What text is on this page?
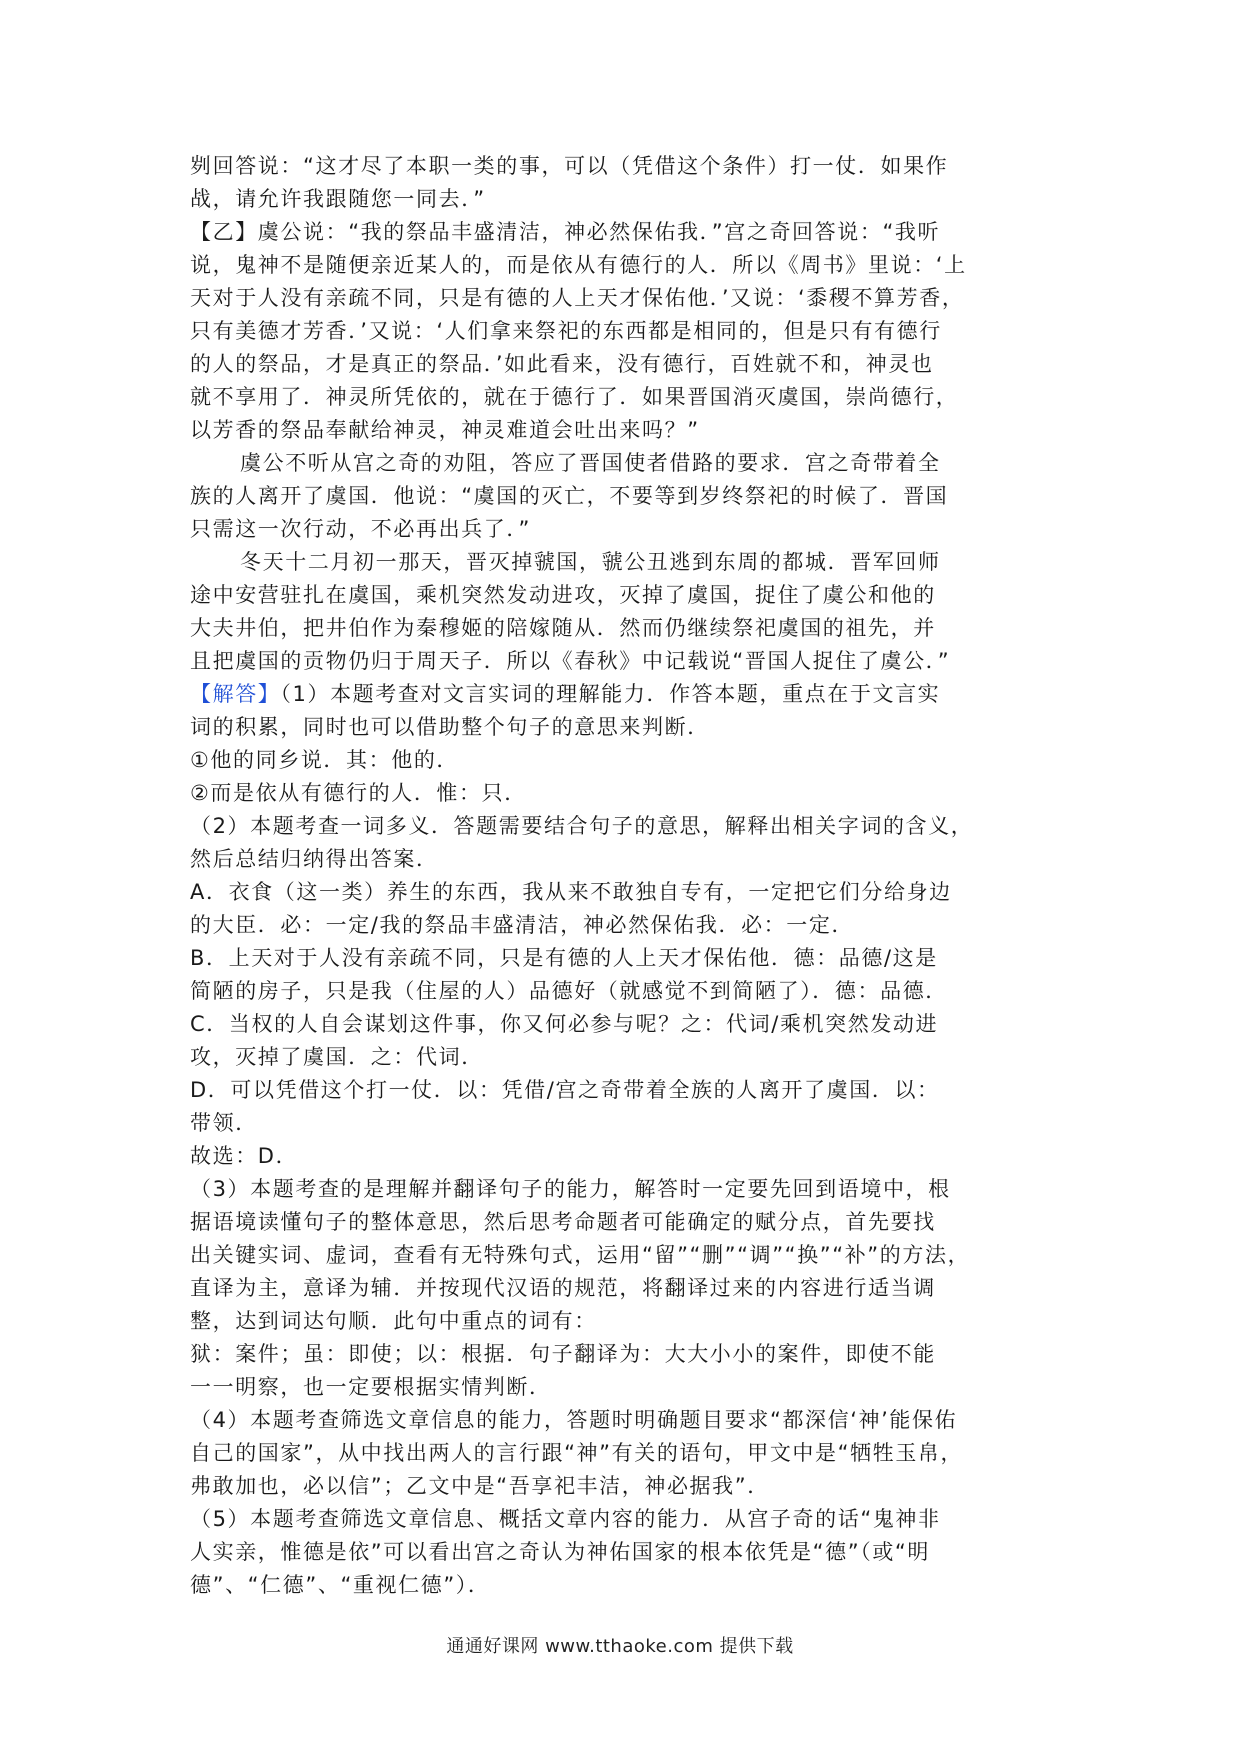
刿回答说：“这才尽了本职一类的事，可以（凭借这个条件）打一仗．如果作
战，请允许我跟随您一同去．”
【乙】虞公说：“我的祭品丰盛清洁，神必然保佑我．”宫之奇回答说：“我听
说，鬼神不是随便亲近某人的，而是依从有德行的人．所以《周书》里说：‘上
天对于人没有亲疏不同，只是有德的人上天才保佑他．’又说：‘黍稷不算芳香，
只有美德才芳香．’又说：‘人们拿来祭祀的东西都是相同的，但是只有有德行
的人的祭品，才是真正的祭品．’如此看来，没有德行，百姓就不和，神灵也
就不享用了．神灵所凭依的，就在于德行了．如果晋国消灭虞国，崇尚德行，
以芳香的祭品奉献给神灵，神灵难道会吐出来吗？”
虞公不听从宫之奇的劝阻，答应了晋国使者借路的要求．宫之奇带着全
族的人离开了虞国．他说：“虞国的灭亡，不要等到岁终祭祀的时候了．晋国
只需这一次行动，不必再出兵了．”
冬天十二月初一那天，晋灭掉虢国，虢公丑逃到东周的都城．晋军回师
途中安营驻扎在虞国，乘机突然发动进攻，灭掉了虞国，捉住了虞公和他的
大夫井伯，把井伯作为秦穆姬的陪嫁随从．然而仍继续祭祀虞国的祖先，并
且把虞国的贡物仍归于周天子．所以《春秋》中记载说“晋国人捉住了虞公．”
【解答】（1）本题考查对文言实词的理解能力．作答本题，重点在于文言实
词的积累，同时也可以借助整个句子的意思来判断．
①他的同乡说．其：他的．
②而是依从有德行的人．惟：只．
（2）本题考查一词多义．答题需要结合句子的意思，解释出相关字词的含义，
然后总结归纳得出答案．
A．衣食（这一类）养生的东西，我从来不敢独自专有，一定把它们分给身边
的大臣．必：一定/我的祭品丰盛清洁，神必然保佑我．必：一定．
B．上天对于人没有亲疏不同，只是有德的人上天才保佑他．德：品德/这是
简陋的房子，只是我（住屋的人）品德好（就感觉不到简陋了）．德：品德．
C．当权的人自会谋划这件事，你又何必参与呢？之：代词/乘机突然发动进
攻，灭掉了虞国．之：代词．
D．可以凭借这个打一仗．以：凭借/宫之奇带着全族的人离开了虞国．以：
带领．
故选：D．
（3）本题考查的是理解并翻译句子的能力，解答时一定要先回到语境中，根
据语境读懂句子的整体意思，然后思考命题者可能确定的赋分点，首先要找
出关键实词、虚词，查看有无特殊句式，运用“留”“删”“调”“换”“补”的方法，
直译为主，意译为辅．并按现代汉语的规范，将翻译过来的内容进行适当调
整，达到词达句顺．此句中重点的词有：
狱：案件；虽：即使；以：根据．句子翻译为：大大小小的案件，即使不能
一一明察，也一定要根据实情判断．
（4）本题考查筛选文章信息的能力，答题时明确题目要求“都深信‘神’能保佑
自己的国家”，从中找出两人的言行跟“神”有关的语句，甲文中是“牺牲玉帛，
弗敢加也，必以信”；乙文中是“吾享祀丰洁，神必据我”．
（5）本题考查筛选文章信息、概括文章内容的能力．从宫子奇的话“鬼神非
人实亲，惟德是依”可以看出宫之奇认为神佑国家的根本依凭是“德”（或“明
德”、“仁德”、“重视仁德”）．
通通好课网 www.tthaoke.com 提供下载
